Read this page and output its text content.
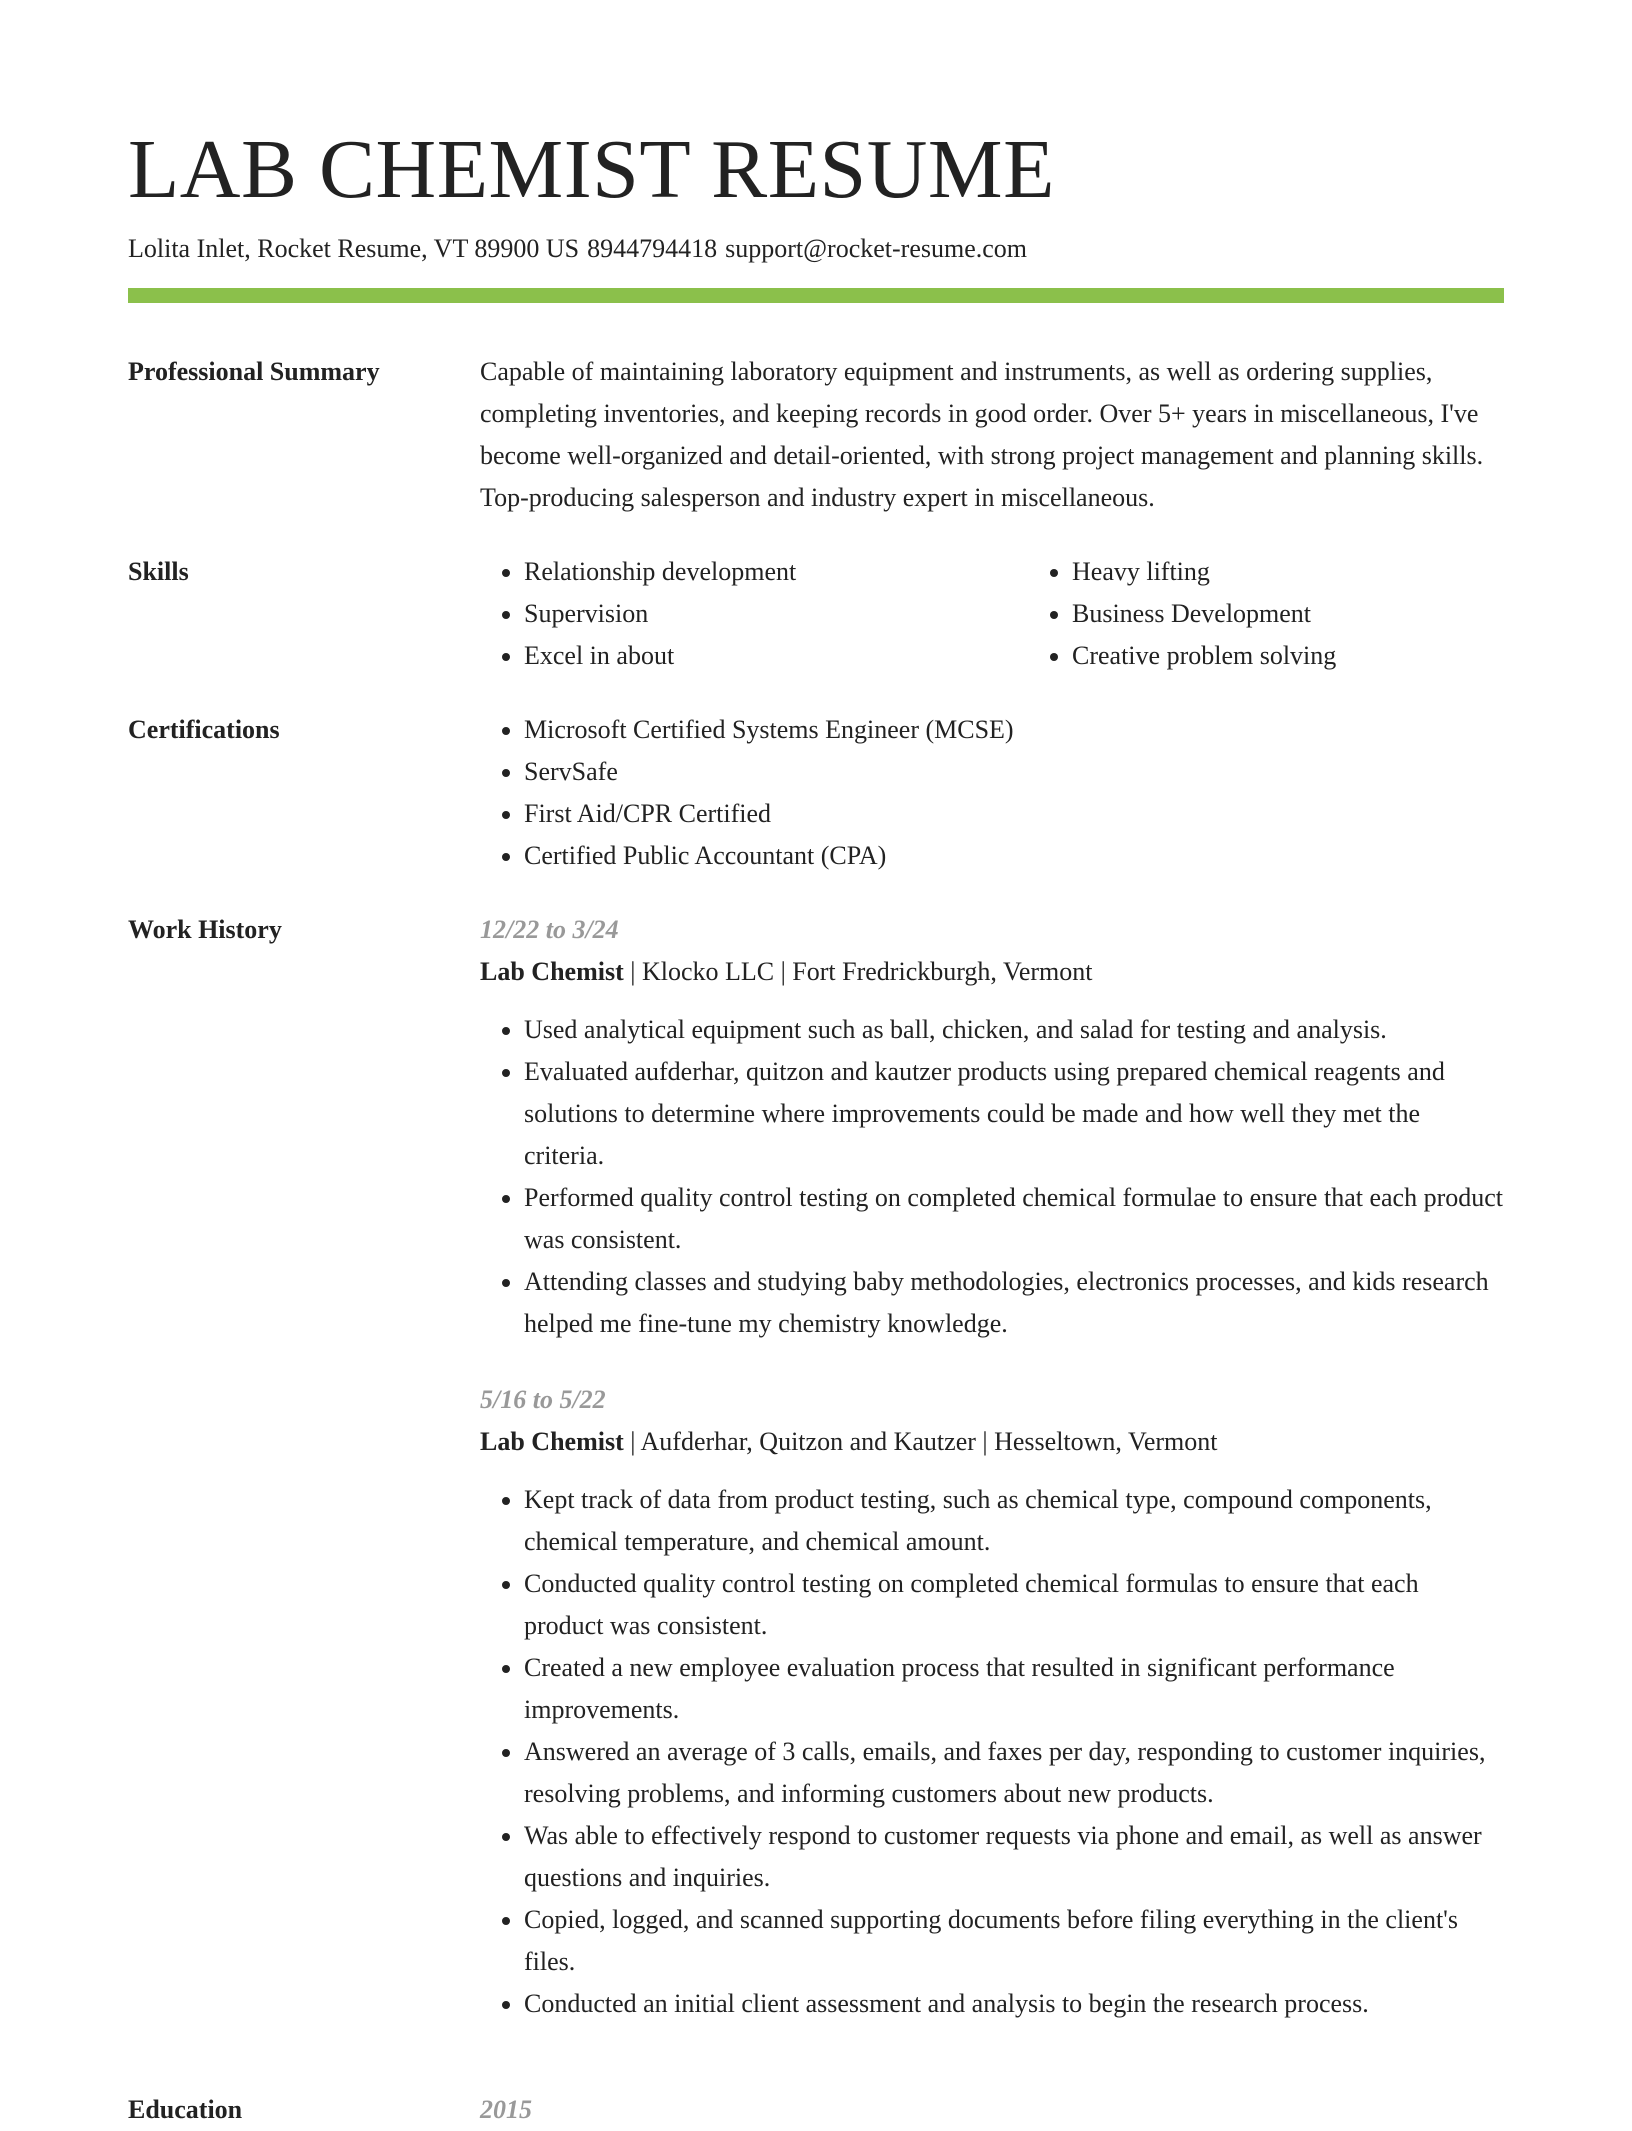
LAB CHEMIST RESUME
Lolita Inlet, Rocket Resume, VT 89900 US 8944794418 support@rocket-resume.com
Professional Summary	Capable of maintaining laboratory equipment and instruments, as well as ordering supplies, completing inventories, and keeping records in good order. Over 5+ years in miscellaneous, I've become well-organized and detail-oriented, with strong project management and planning skills. Top-producing salesperson and industry expert in miscellaneous.
Skills	• Relationship development
• Supervision
• Excel in about
• Heavy lifting
• Business Development
• Creative problem solving
Certifications	• Microsoft Certified Systems Engineer (MCSE)
• ServSafe
• First Aid/CPR Certified
• Certified Public Accountant (CPA)
Work History	12/22 to 3/24
Lab Chemist | Klocko LLC | Fort Fredrickburgh, Vermont
• Used analytical equipment such as ball, chicken, and salad for testing and analysis.
• Evaluated aufderhar, quitzon and kautzer products using prepared chemical reagents and solutions to determine where improvements could be made and how well they met the criteria.
• Performed quality control testing on completed chemical formulae to ensure that each product was consistent.
• Attending classes and studying baby methodologies, electronics processes, and kids research helped me fine-tune my chemistry knowledge.
5/16 to 5/22
Lab Chemist | Aufderhar, Quitzon and Kautzer | Hesseltown, Vermont
• Kept track of data from product testing, such as chemical type, compound components, chemical temperature, and chemical amount.
• Conducted quality control testing on completed chemical formulas to ensure that each product was consistent.
• Created a new employee evaluation process that resulted in significant performance improvements.
• Answered an average of 3 calls, emails, and faxes per day, responding to customer inquiries, resolving problems, and informing customers about new products.
• Was able to effectively respond to customer requests via phone and email, as well as answer questions and inquiries.
• Copied, logged, and scanned supporting documents before filing everything in the client's files.
• Conducted an initial client assessment and analysis to begin the research process.
Education	2015
